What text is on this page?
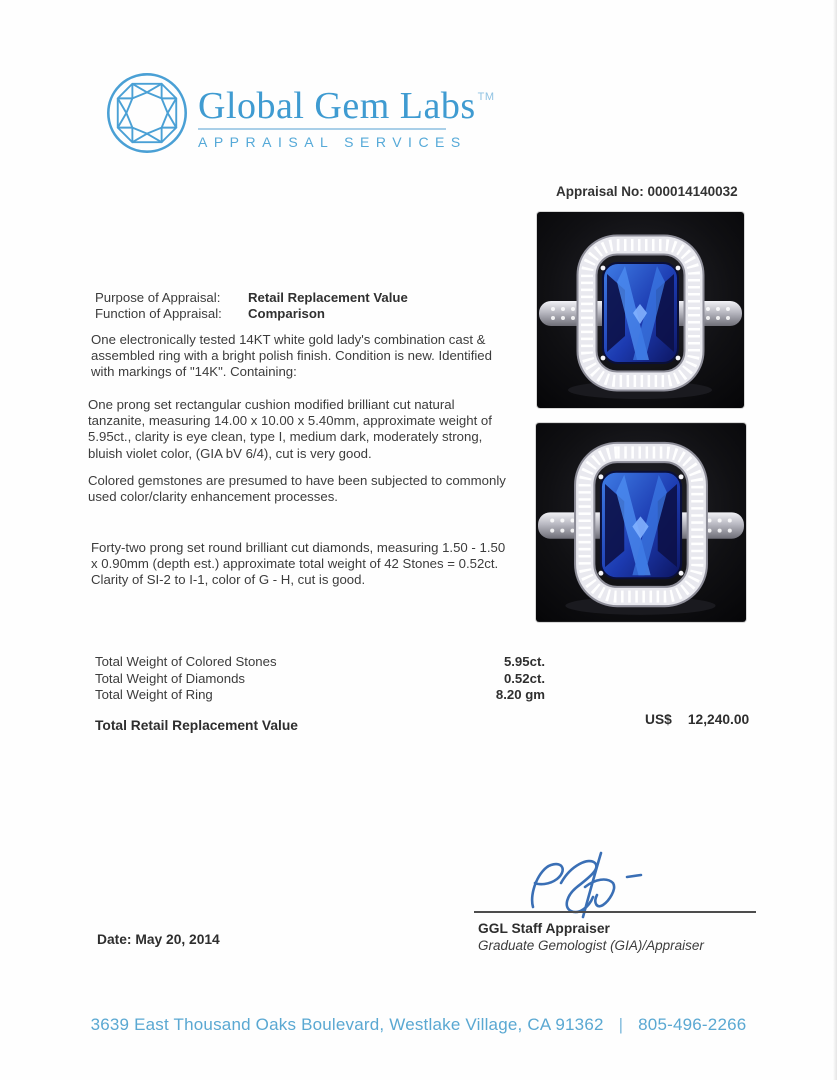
Global Gem Labs ™
APPRAISAL SERVICES
Appraisal No: 000014140032
Purpose of Appraisal:	Retail Replacement Value
Function of Appraisal:	Comparison

One electronically tested 14KT white gold lady's combination cast & assembled ring with a bright polish finish. Condition is new. Identified with markings of "14K". Containing:

One prong set rectangular cushion modified brilliant cut natural tanzanite, measuring 14.00 x 10.00 x 5.40mm, approximate weight of 5.95ct., clarity is eye clean, type I, medium dark, moderately strong, bluish violet color, (GIA bV 6/4), cut is very good.

Colored gemstones are presumed to have been subjected to commonly used color/clarity enhancement processes.

Forty-two prong set round brilliant cut diamonds, measuring 1.50 - 1.50 x 0.90mm (depth est.) approximate total weight of 42 Stones = 0.52ct. Clarity of SI-2 to I-1, color of G - H, cut is good.

Total Weight of Colored Stones	5.95ct.
Total Weight of Diamonds	0.52ct.
Total Weight of Ring	8.20 gm
Total Retail Replacement Value	US$ 12,240.00
GGL Staff Appraiser
Graduate Gemologist (GIA)/Appraiser
Date: May 20, 2014
3639 East Thousand Oaks Boulevard, Westlake Village, CA 91362 | 805-496-2266
